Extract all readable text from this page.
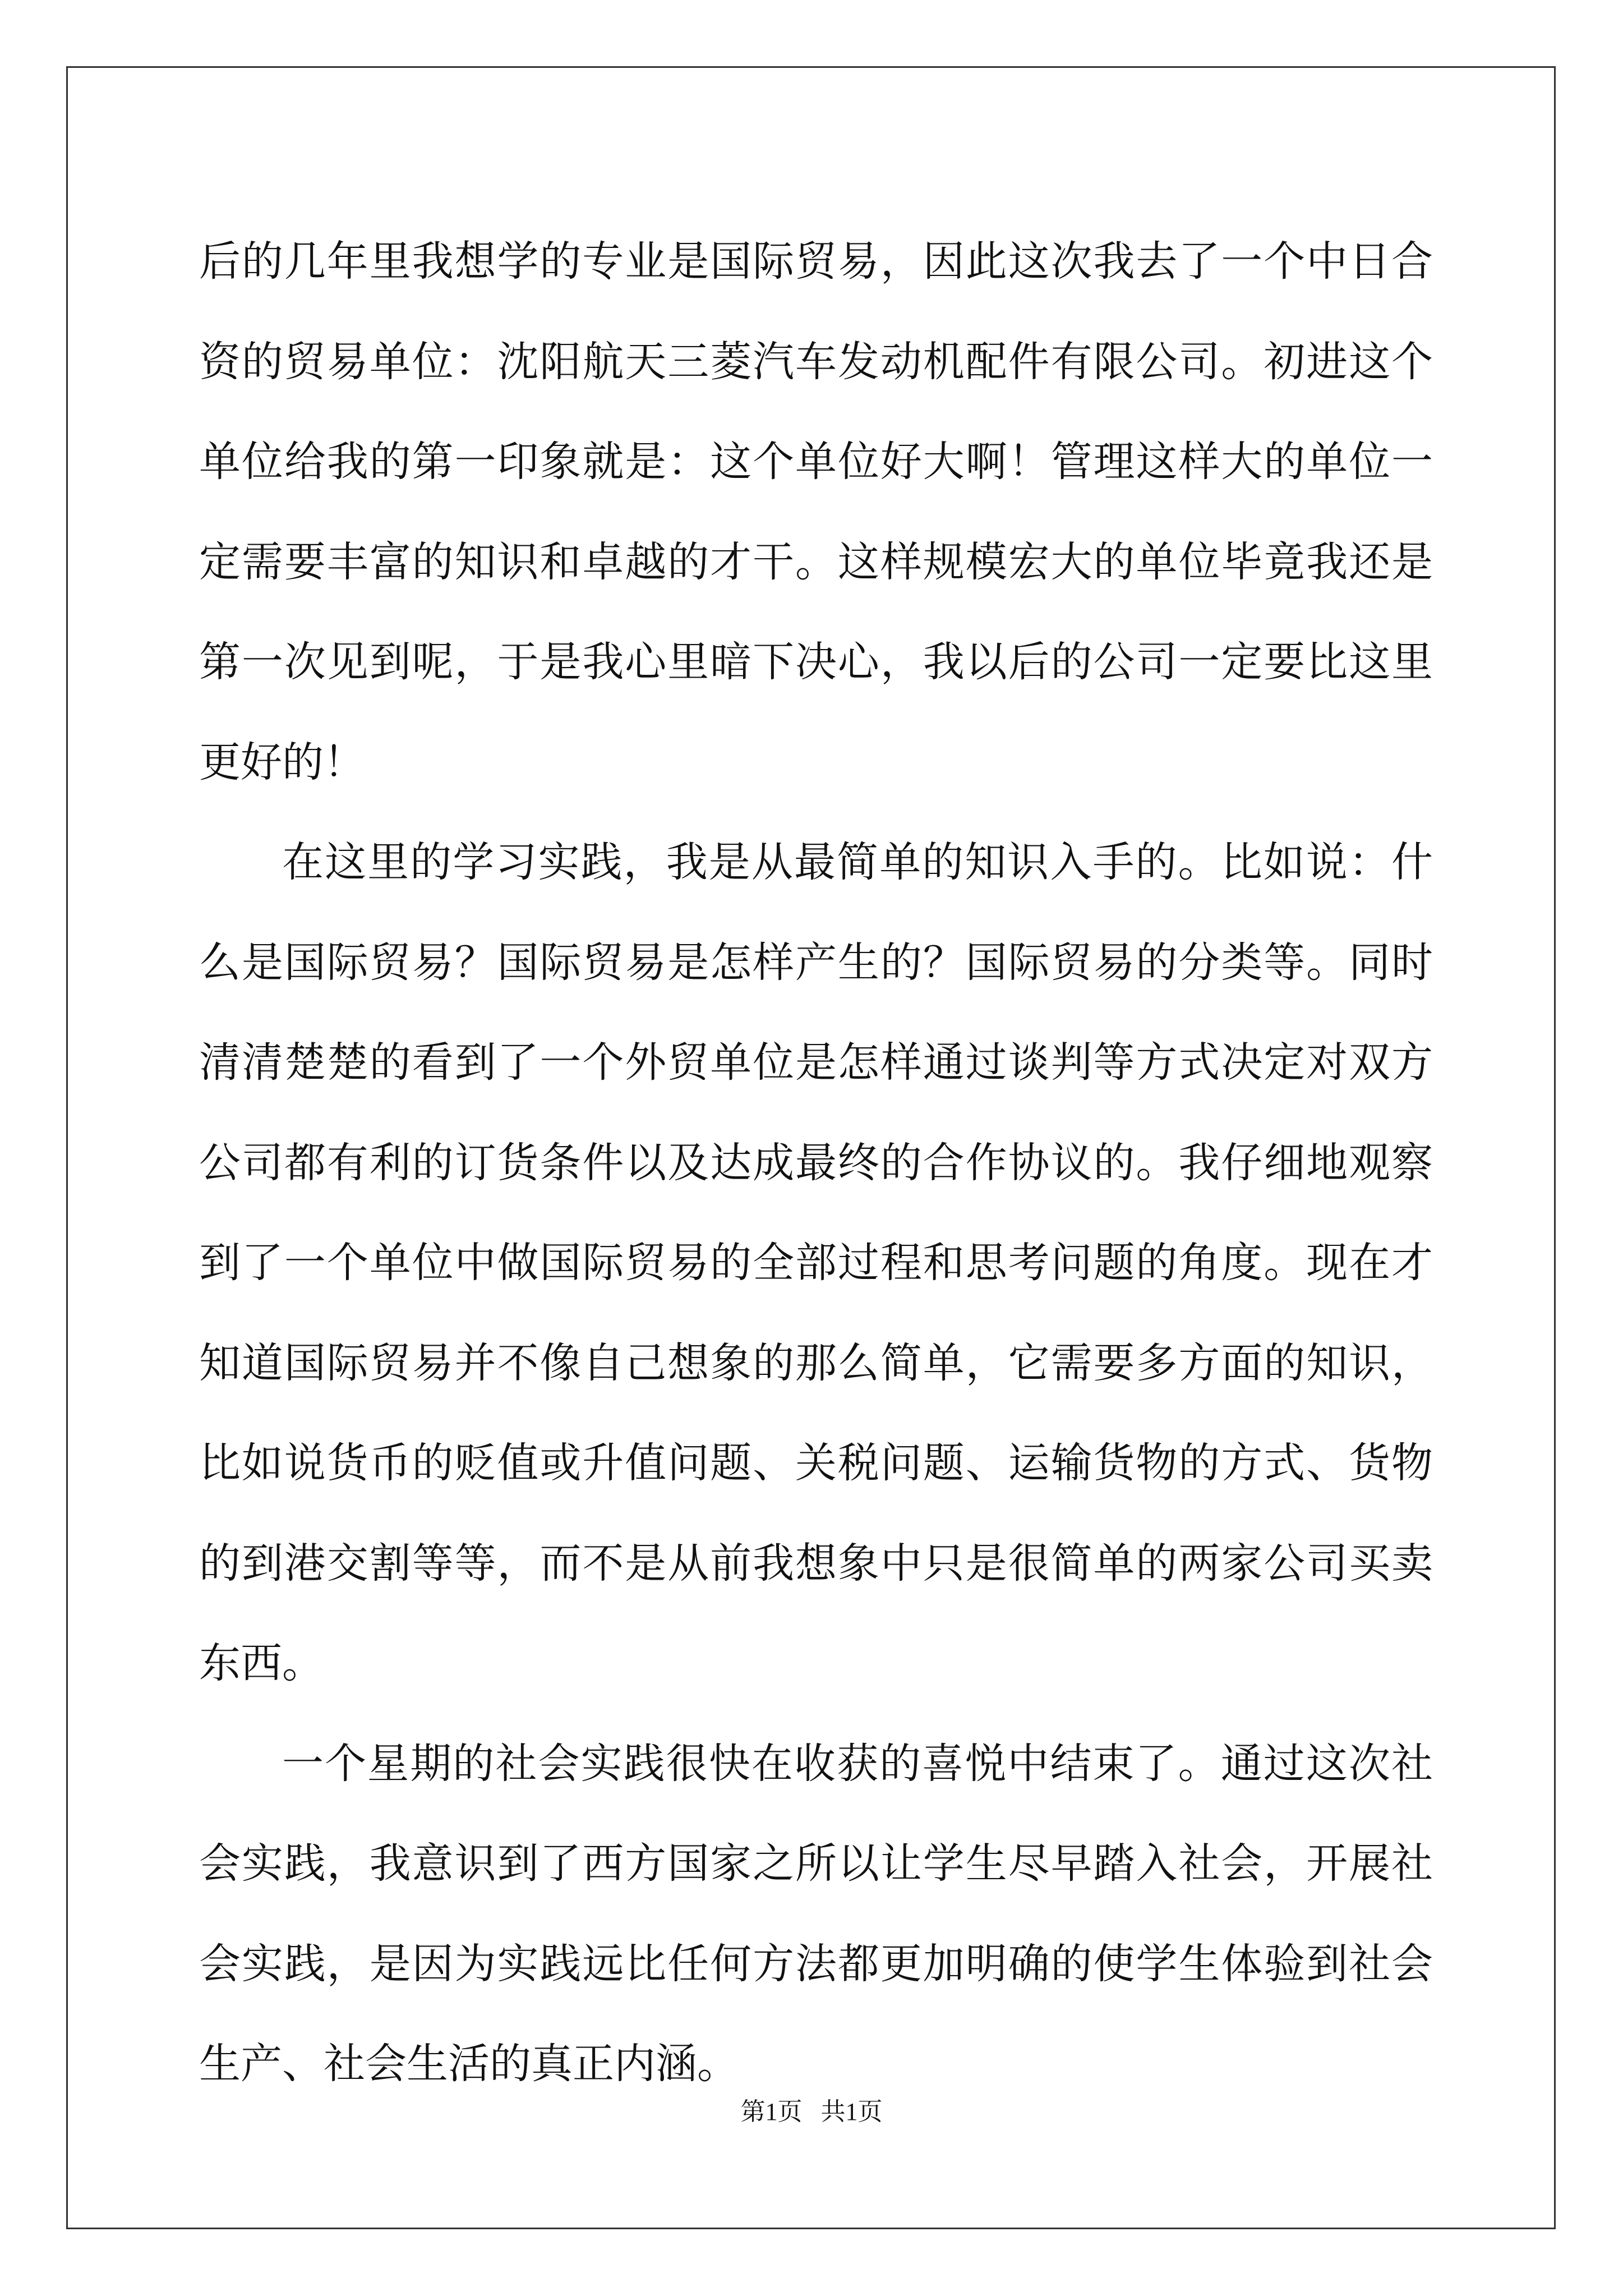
后的几年里我想学的专业是国际贸易，因此这次我去了一个中日合资的贸易单位：沈阳航天三菱汽车发动机配件有限公司。初进这个单位给我的第一印象就是：这个单位好大啊！管理这样大的单位一定需要丰富的知识和卓越的才干。这样规模宏大的单位毕竟我还是第一次见到呢，于是我心里暗下决心，我以后的公司一定要比这里更好的！

在这里的学习实践，我是从最简单的知识入手的。比如说：什么是国际贸易？国际贸易是怎样产生的？国际贸易的分类等。同时清清楚楚的看到了一个外贸单位是怎样通过谈判等方式决定对双方公司都有利的订货条件以及达成最终的合作协议的。我仔细地观察到了一个单位中做国际贸易的全部过程和思考问题的角度。现在才知道国际贸易并不像自己想象的那么简单，它需要多方面的知识，比如说货币的贬值或升值问题、关税问题、运输货物的方式、货物的到港交割等等，而不是从前我想象中只是很简单的两家公司买卖东西。

一个星期的社会实践很快在收获的喜悦中结束了。通过这次社会实践，我意识到了西方国家之所以让学生尽早踏入社会，开展社会实践，是因为实践远比任何方法都更加明确的使学生体验到社会生产、社会生活的真正内涵。

第1页 共1页
